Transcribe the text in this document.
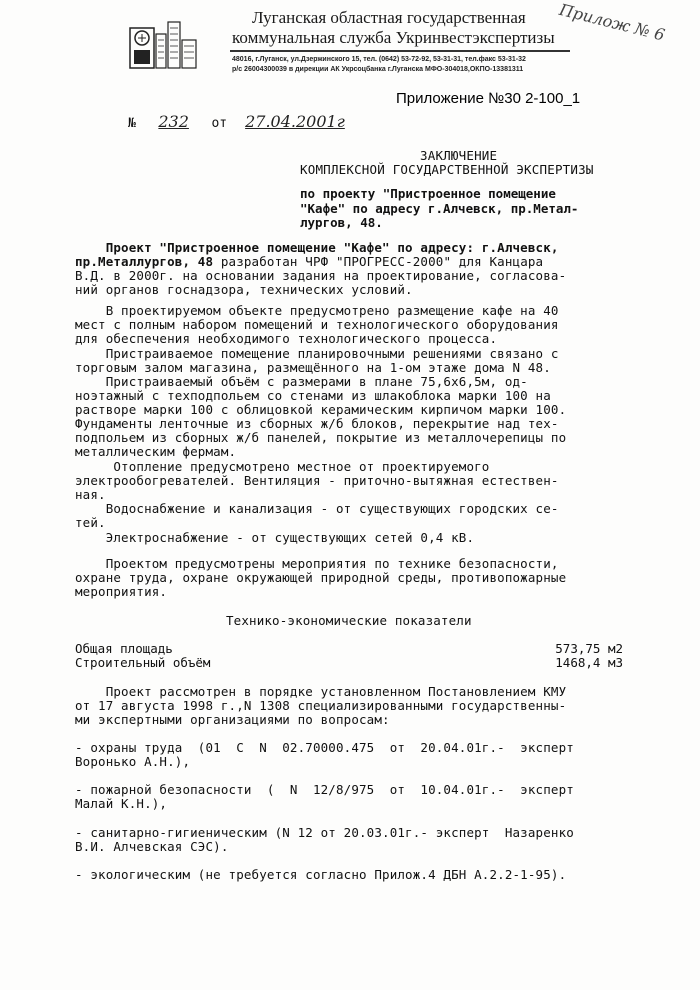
Луганская областная государственная
коммунальная служба Укринвестэкспертизы
48016, г.Луганск, ул.Дзержинского 15, тел. (0642) 53-72-92, 53-31-31, тел.факс 53-31-32
р/с 26004300039 в дирекции АК Укрсоцбанка г.Луганска МФО-304018,ОКПО-13381311
Прилож № 6
Приложение №30 2-100_1
№ 232 от 27.04.2001г
ЗАКЛЮЧЕНИЕ
КОМПЛЕКСНОЙ ГОСУДАРСТВЕННОЙ ЭКСПЕРТИЗЫ
по проекту "Пристроенное помещение
"Кафе" по адресу г.Алчевск, пр.Метал-
лургов, 48.
Проект "Пристроенное помещение "Кафе" по адресу: г.Алчевск,
пр.Металлургов, 48 разработан ЧРФ "ПРОГРЕСС-2000" для Канцара
В.Д. в 2000г. на основании задания на проектирование, согласова-
ний органов госнадзора, технических условий.
В проектируемом объекте предусмотрено размещение кафе на 40
мест с полным набором помещений и технологического оборудования
для обеспечения необходимого технологического процесса.
Пристраиваемое помещение планировочными решениями связано с
торговым залом магазина, размещённого на 1-ом этаже дома N 48.
Пристраиваемый объём с размерами в плане 75,6х6,5м, од-
ноэтажный с техподпольем со стенами из шлакоблока марки 100 на
растворе марки 100 с облицовкой керамическим кирпичом марки 100.
Фундаменты ленточные из сборных ж/б блоков, перекрытие над тех-
подпольем из сборных ж/б панелей, покрытие из металлочерепицы по
металлическим фермам.
Отопление предусмотрено местное от проектируемого
электрообогревателей. Вентиляция - приточно-вытяжная естествен-
ная.
Водоснабжение и канализация - от существующих городских се-
тей.
Электроснабжение - от существующих сетей 0,4 кВ.
Проектом предусмотрены мероприятия по технике безопасности,
охране труда, охране окружающей природной среды, противопожарные
мероприятия.
Технико-экономические показатели
Общая площадь	573,75 м2
Строительный объём	1468,4 м3
Проект рассмотрен в порядке установленном Постановлением КМУ
от 17 августа 1998 г.,N 1308 специализированными государственны-
ми экспертными организациями по вопросам:
- охраны труда  (01  С  N  02.70000.475  от  20.04.01г.-  эксперт
Воронько А.Н.),
- пожарной безопасности  (  N  12/8/975  от  10.04.01г.-  эксперт
Малай К.Н.),
- санитарно-гигиеническим (N 12 от 20.03.01г.- эксперт  Назаренко
В.И. Алчевская СЭС).
- экологическим (не требуется согласно Прилож.4 ДБН А.2.2-1-95).
